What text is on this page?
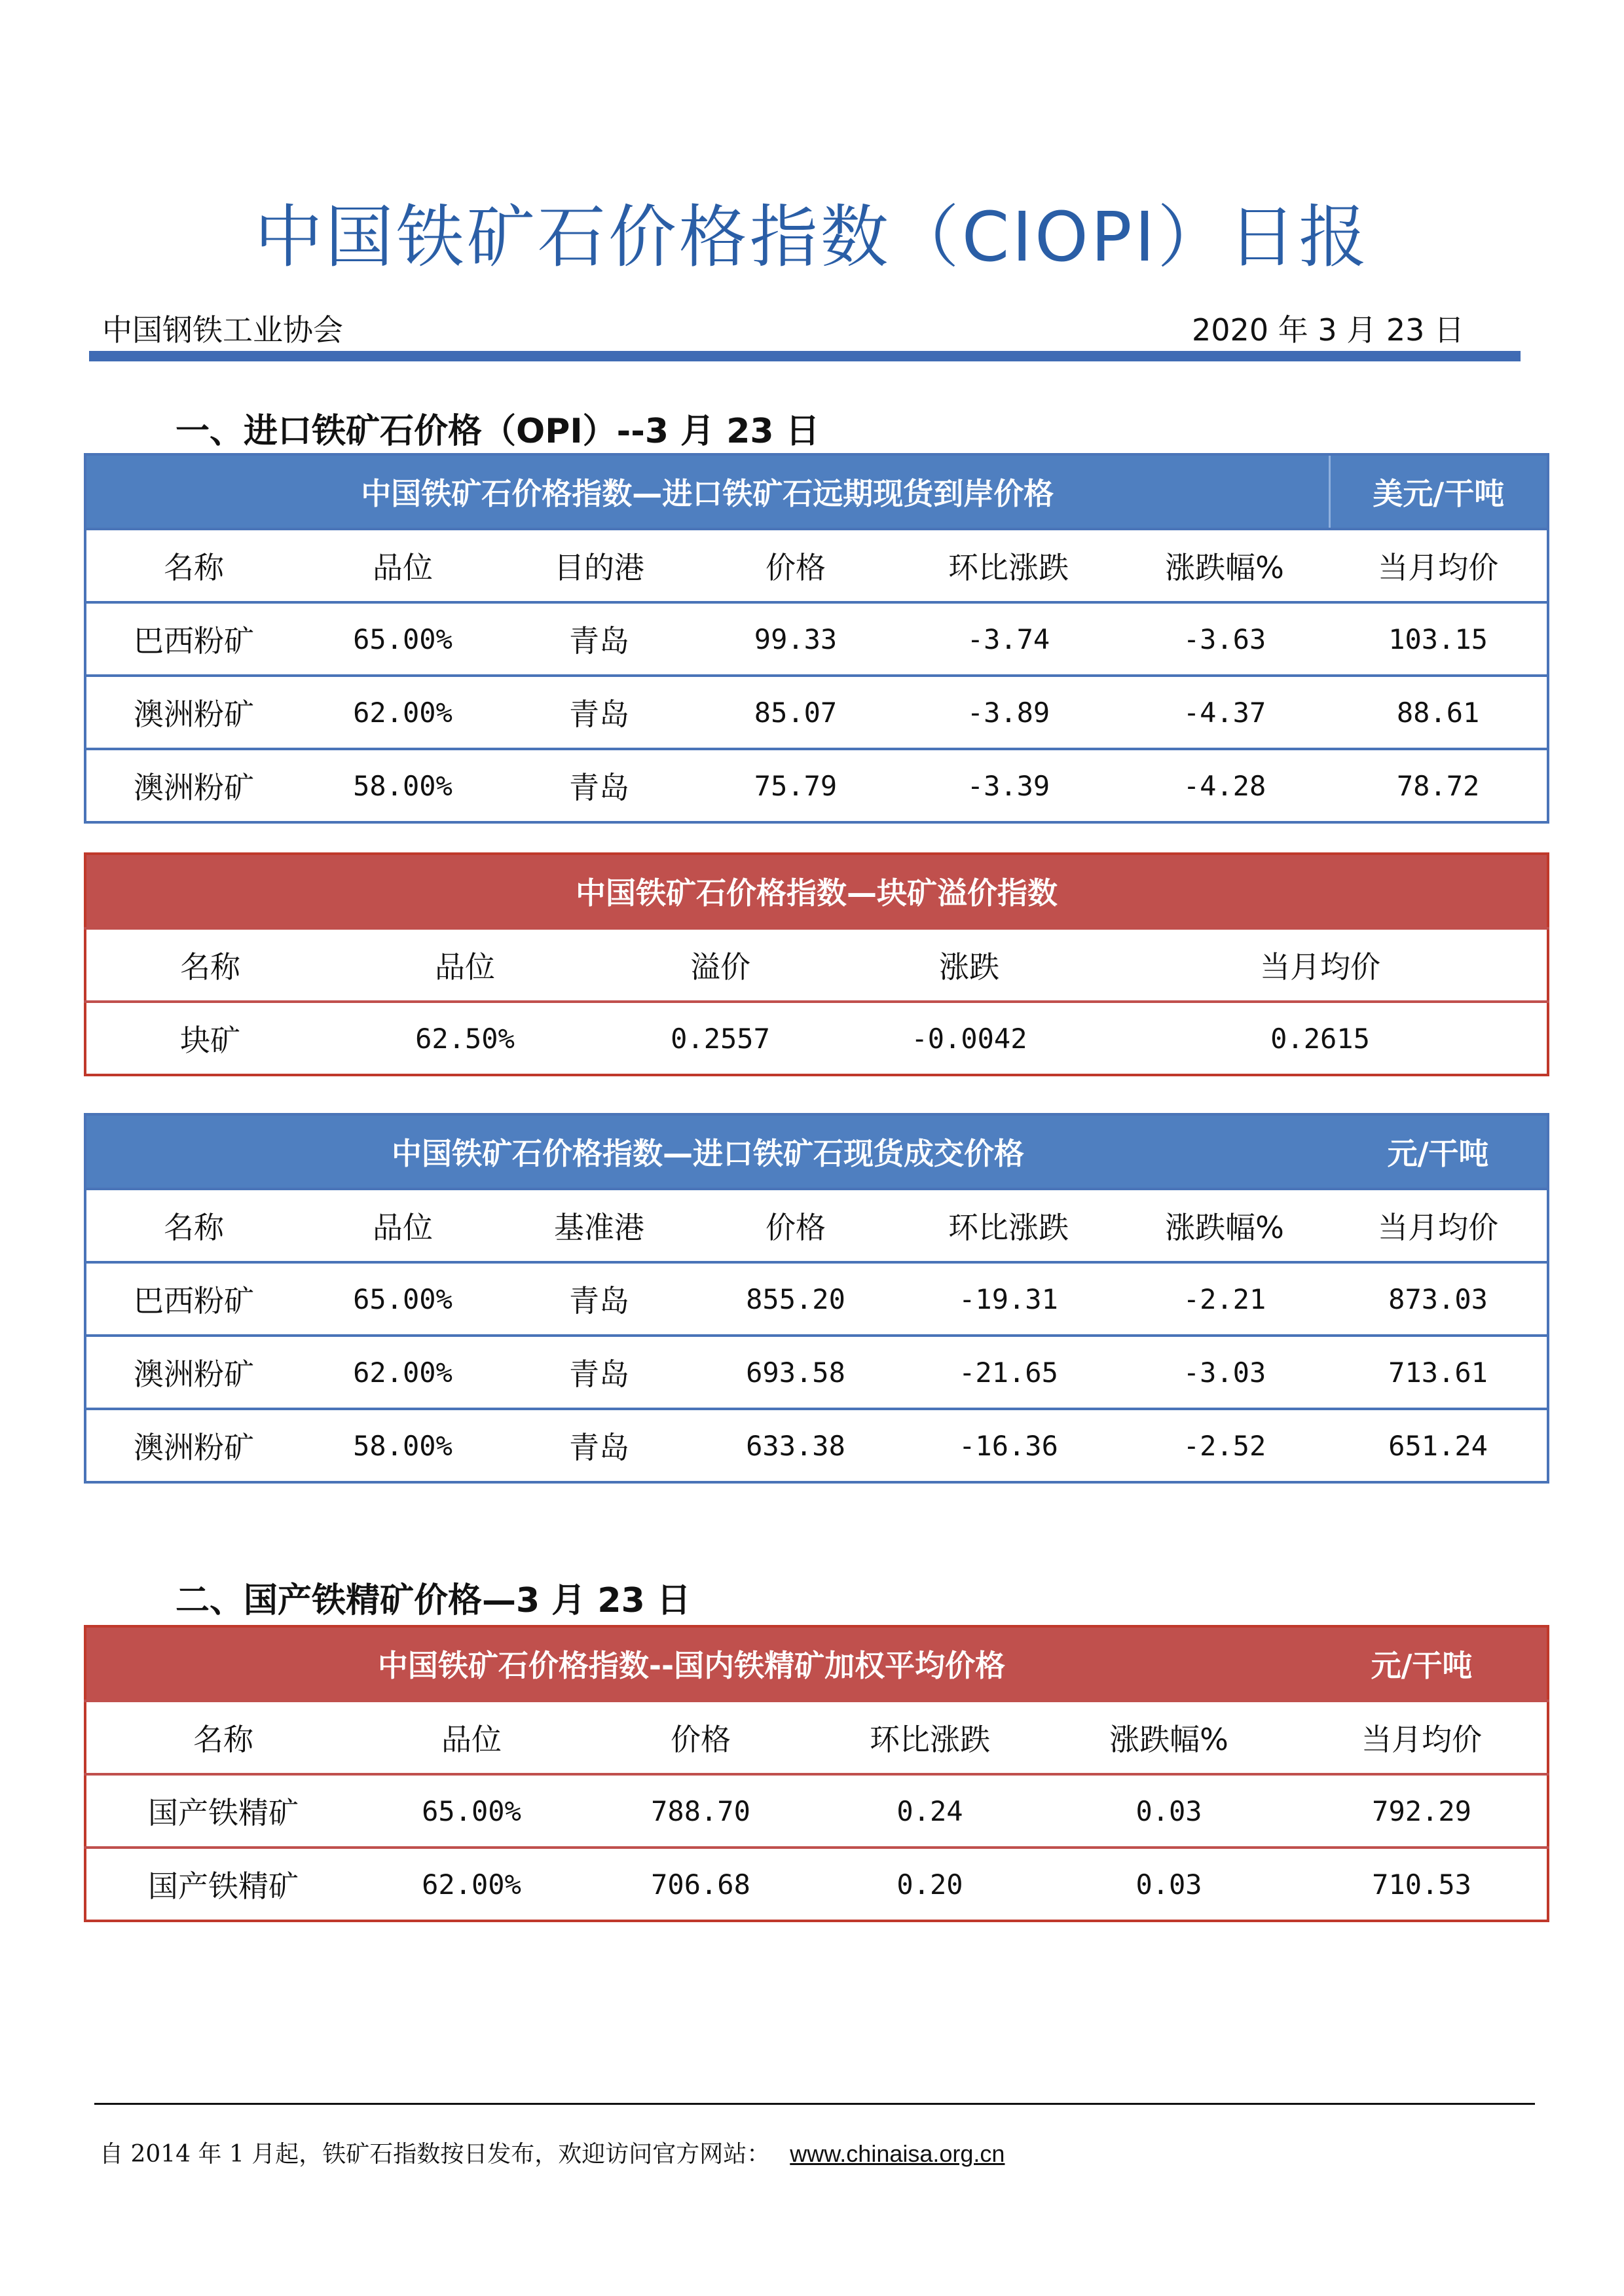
中国铁矿石价格指数（CIOPI）日报
中国钢铁工业协会	2020 年 3 月 23 日
一、进口铁矿石价格（OPI）--3 月 23 日
中国铁矿石价格指数—进口铁矿石远期现货到岸价格						美元/干吨
名称	品位	目的港	价格	环比涨跌	涨跌幅%	当月均价
巴西粉矿	65.00%	青岛	99.33	-3.74	-3.63	103.15
澳洲粉矿	62.00%	青岛	85.07	-3.89	-4.37	88.61
澳洲粉矿	58.00%	青岛	75.79	-3.39	-4.28	78.72
中国铁矿石价格指数—块矿溢价指数				
名称	品位	溢价	涨跌	当月均价
块矿	62.50%	0.2557	-0.0042	0.2615
中国铁矿石价格指数—进口铁矿石现货成交价格						元/干吨
名称	品位	基准港	价格	环比涨跌	涨跌幅%	当月均价
巴西粉矿	65.00%	青岛	855.20	-19.31	-2.21	873.03
澳洲粉矿	62.00%	青岛	693.58	-21.65	-3.03	713.61
澳洲粉矿	58.00%	青岛	633.38	-16.36	-2.52	651.24
二、国产铁精矿价格—3 月 23 日
中国铁矿石价格指数--国内铁精矿加权平均价格					元/干吨
名称	品位	价格	环比涨跌	涨跌幅%	当月均价
国产铁精矿	65.00%	788.70	0.24	0.03	792.29
国产铁精矿	62.00%	706.68	0.20	0.03	710.53
自 2014 年 1 月起，铁矿石指数按日发布，欢迎访问官方网站： www.chinaisa.org.cn
